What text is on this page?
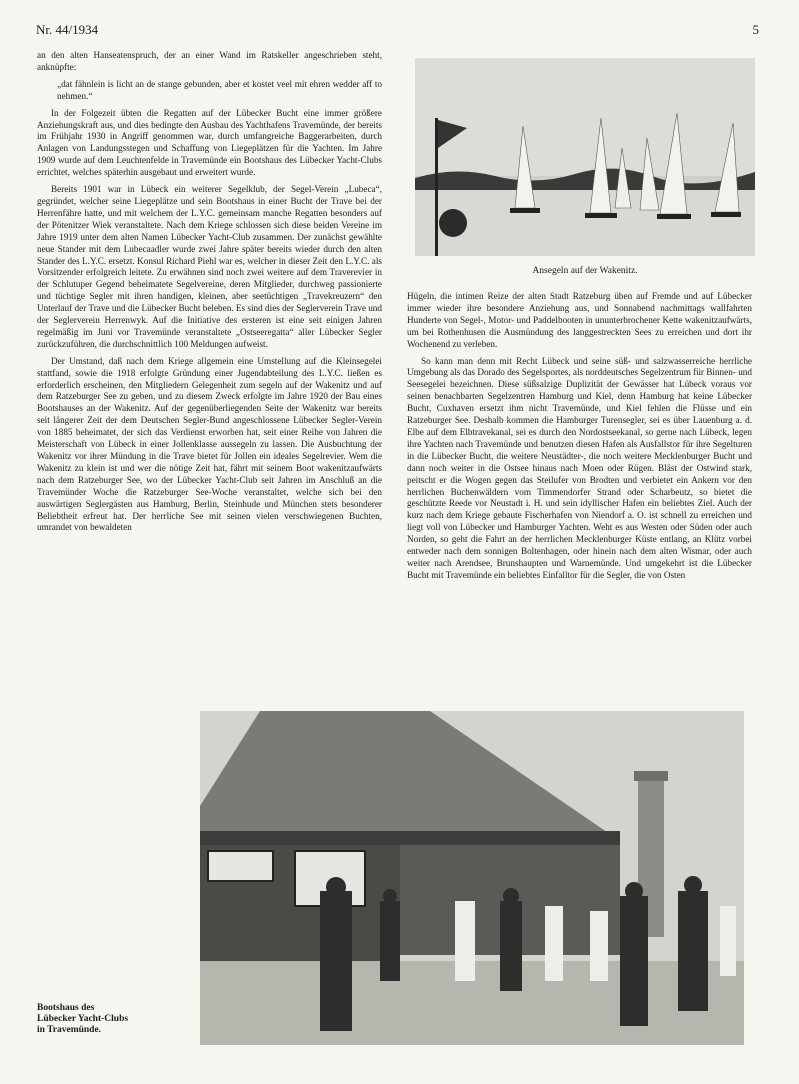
Nr. 44/1934	5

an den alten Hanseatenspruch, der an einer Wand im Ratskeller angeschrieben steht, anknüpfte:

„dat fähnlein is licht an de stange gebunden, aber et kostet veel mit ehren wedder aff to nehmen.“

In der Folgezeit übten die Regatten auf der Lübecker Bucht eine immer größere Anziehungskraft aus, und dies bedingte den Ausbau des Yachthafens Travemünde, der bereits im Frühjahr 1930 in Angriff genommen war, durch umfangreiche Baggerarbeiten, durch Anlagen von Landungsstegen und Schaffung von Liegeplätzen für die Yachten. Im Jahre 1909 wurde auf dem Leuchtenfelde in Travemünde ein Bootshaus des Lübecker Yacht-Clubs errichtet, welches späterhin ausgebaut und erweitert wurde.

Bereits 1901 war in Lübeck ein weiterer Segelklub, der Segel-Verein „Lubeca“, gegründet, welcher seine Liegeplätze und sein Bootshaus in einer Bucht der Trave bei der Herrenfähre hatte, und mit welchem der L.Y.C. gemeinsam manche Regatten besonders auf der Pötenitzer Wiek veranstaltete. Nach dem Kriege schlossen sich diese beiden Vereine im Jahre 1919 unter dem alten Namen Lübecker Yacht-Club zusammen. Der zunächst gewählte neue Stander mit dem Lubecaadler wurde zwei Jahre später bereits wieder durch den alten Stander des L.Y.C. ersetzt. Konsul Richard Piehl war es, welcher in dieser Zeit den L.Y.C. als Vorsitzender erfolgreich leitete. Zu erwähnen sind noch zwei weitere auf dem Travereviеr in der Schlutuper Gegend beheimatete Segelvereine, deren Mitglieder, durchweg passionierte und tüchtige Segler mit ihren handigen, kleinen, aber seetüchtigen „Travekreuzern“ den Unterlauf der Trave und die Lübecker Bucht beleben. Es sind dies der Seglerverein Trave und der Seglerverein Herrenwyk. Auf die Initiative des ersteren ist eine seit einigen Jahren regelmäßig im Juni vor Travemünde veranstaltete „Ostseeregatta“ aller Lübecker Segler zurückzuführen, die durchschnittlich 100 Meldungen aufweist.

Der Umstand, daß nach dem Kriege allgemein eine Umstellung auf die Kleinsegelei stattfand, sowie die 1918 erfolgte Gründung einer Jugendabteilung des L.Y.C. ließen es erforderlich erscheinen, den Mitgliedern Gelegenheit zum segeln auf der Wakenitz und auf dem Ratzeburger See zu geben, und zu diesem Zweck erfolgte im Jahre 1920 der Bau eines Bootshauses an der Wakenitz. Auf der gegenüberliegenden Seite der Wakenitz war bereits seit längerer Zeit der dem Deutschen Segler-Bund angeschlossene Lübecker Segler-Verein von 1885 beheimatet, der sich das Verdienst erworben hat, seit einer Reihe von Jahren die Meisterschaft von Lübeck in einer Jollenklasse aussegeln zu lassen. Die Ausbuchtung der Wakenitz vor ihrer Mündung in die Trave bietet für Jollen ein ideales Segelrevier. Wem die Wakenitz zu klein ist und wer die nötige Zeit hat, fährt mit seinem Boot wakenitzaufwärts nach dem Ratzeburger See, wo der Lübecker Yacht-Club seit Jahren im Anschluß an die Travemünder Woche die Ratzeburger See-Woche veranstaltet, welche sich bei den auswärtigen Seglergästen aus Hamburg, Berlin, Steinhude und München stets besonderer Beliebtheit erfreut hat. Der herrliche See mit seinen vielen verschwiegenen Buchten, umrandet von bewaldeten

Ansegeln auf der Wakenitz.

Hügeln, die intimen Reize der alten Stadt Ratzeburg üben auf Fremde und auf Lübecker immer wieder ihre besondere Anziehung aus, und Sonnabend nachmittags wallfahrten Hunderte von Segel-, Motor- und Paddelbooten in ununterbrochener Kette wakenitzaufwärts, um bei Rothenhusen die Ausmündung des langgestreckten Sees zu erreichen und dort ihr Wochenend zu verleben.

So kann man denn mit Recht Lübeck und seine süß- und salzwasserreiche herrliche Umgebung als das Dorado des Segelsportes, als norddeutsches Segelzentrum für Binnen- und Seesegelei bezeichnen. Diese süßsalzige Duplizität der Gewässer hat Lübeck voraus vor seinen benachbarten Segelzentren Hamburg und Kiel, denn Hamburg hat keine Lübecker Bucht, Cuxhaven ersetzt ihm nicht Travemünde, und Kiel fehlen die Flüsse und ein Ratzeburger See. Deshalb kommen die Hamburger Turensegler, sei es über Lauenburg a. d. Elbe auf dem Elbtravekanal, sei es durch den Nordostseekanal, so gerne nach Lübeck, legen ihre Yachten nach Travemünde und benutzen diesen Hafen als Ausfallstor für ihre Segelturen in die Lübecker Bucht, die weitere Neustädter-, die noch weitere Mecklenburger Bucht und dann noch weiter in die Ostsee hinaus nach Moen oder Rügen. Bläst der Ostwind stark, peitscht er die Wogen gegen das Steilufer von Brodten und verbietet ein Ankern vor den herrlichen Buchenwäldern vom Timmendorfer Strand oder Scharbeutz, so bietet die geschützte Reede vor Neustadt i. H. und sein idyllischer Hafen ein beliebtes Ziel. Auch der kurz nach dem Kriege gebaute Fischerhafen von Niendorf a. O. ist schnell zu erreichen und liegt voll von Lübecker und Hamburger Yachten. Weht es aus Westen oder Süden oder auch Norden, so geht die Fahrt an der herrlichen Mecklenburger Küste entlang, an Klütz vorbei entweder nach dem sonnigen Boltenhagen, oder hinein nach dem alten Wismar, oder auch weiter nach Arendsee, Brunshaupten und Warnemünde. Und umgekehrt ist die Lübecker Bucht mit Travemünde ein beliebtes Einfalltor für die Segler, die von Osten

Bootshaus des
Lübecker Yacht-Clubs
in Travemünde.
